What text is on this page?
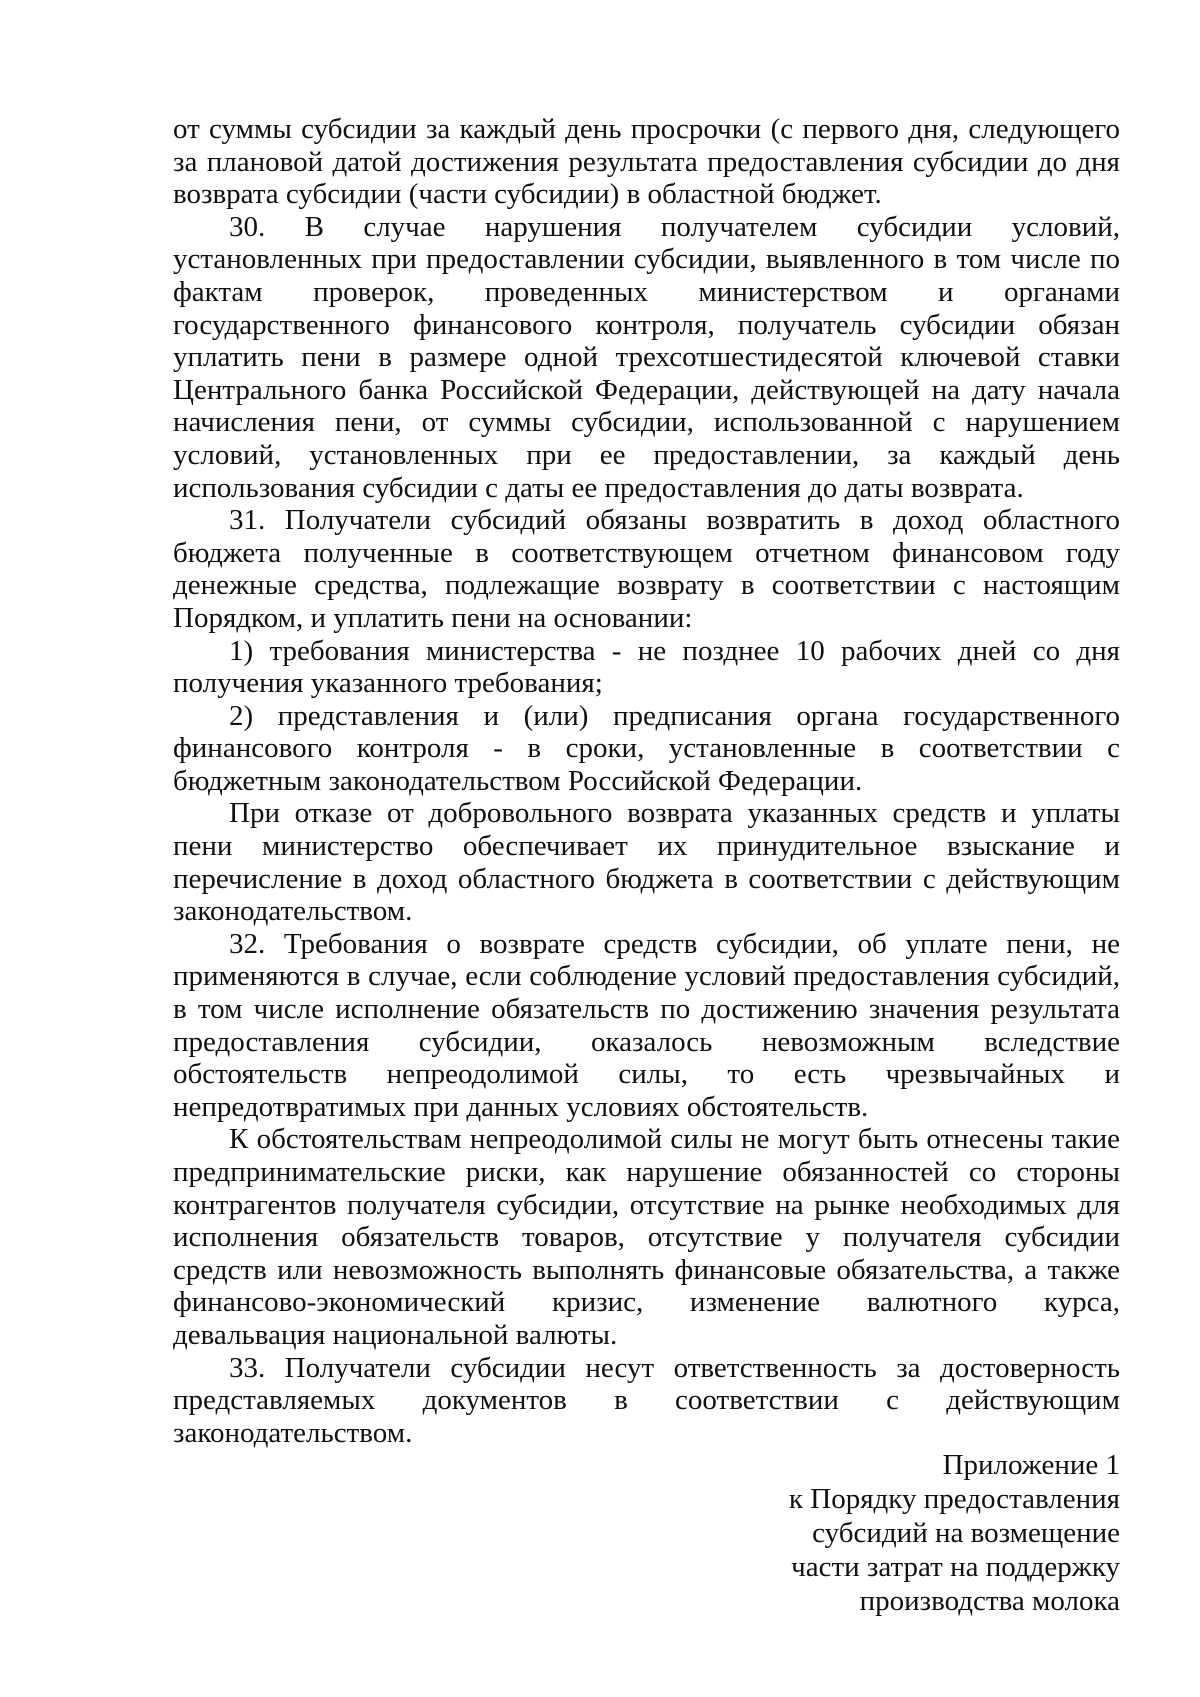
от суммы субсидии за каждый день просрочки (с первого дня, следующего за плановой датой достижения результата предоставления субсидии до дня возврата субсидии (части субсидии) в областной бюджет.

30. В случае нарушения получателем субсидии условий, установленных при предоставлении субсидии, выявленного в том числе по фактам проверок, проведенных министерством и органами государственного финансового контроля, получатель субсидии обязан уплатить пени в размере одной трехсотшестидесятой ключевой ставки Центрального банка Российской Федерации, действующей на дату начала начисления пени, от суммы субсидии, использованной с нарушением условий, установленных при ее предоставлении, за каждый день использования субсидии с даты ее предоставления до даты возврата.

31. Получатели субсидий обязаны возвратить в доход областного бюджета полученные в соответствующем отчетном финансовом году денежные средства, подлежащие возврату в соответствии с настоящим Порядком, и уплатить пени на основании:

1) требования министерства - не позднее 10 рабочих дней со дня получения указанного требования;

2) представления и (или) предписания органа государственного финансового контроля - в сроки, установленные в соответствии с бюджетным законодательством Российской Федерации.

При отказе от добровольного возврата указанных средств и уплаты пени министерство обеспечивает их принудительное взыскание и перечисление в доход областного бюджета в соответствии с действующим законодательством.

32. Требования о возврате средств субсидии, об уплате пени, не применяются в случае, если соблюдение условий предоставления субсидий, в том числе исполнение обязательств по достижению значения результата предоставления субсидии, оказалось невозможным вследствие обстоятельств непреодолимой силы, то есть чрезвычайных и непредотвратимых при данных условиях обстоятельств.

К обстоятельствам непреодолимой силы не могут быть отнесены такие предпринимательские риски, как нарушение обязанностей со стороны контрагентов получателя субсидии, отсутствие на рынке необходимых для исполнения обязательств товаров, отсутствие у получателя субсидии средств или невозможность выполнять финансовые обязательства, а также финансово-экономический кризис, изменение валютного курса, девальвация национальной валюты.

33. Получатели субсидии несут ответственность за достоверность представляемых документов в соответствии с действующим законодательством.

Приложение 1
к Порядку предоставления
субсидий на возмещение
части затрат на поддержку
производства молока
